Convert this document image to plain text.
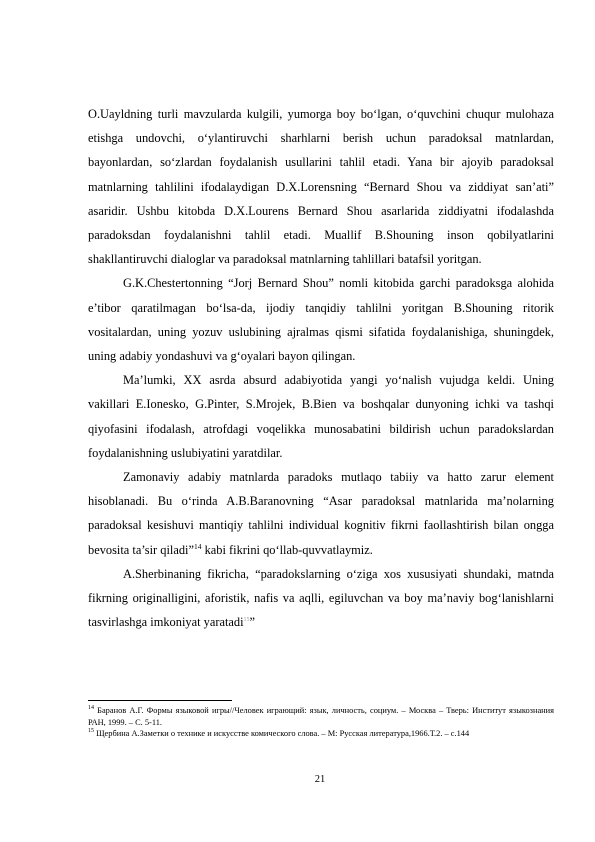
O.Uayldning turli mavzularda kulgili, yumorga boy bo‘lgan, o‘quvchini chuqur mulohaza etishga undovchi, o‘ylantiruvchi sharhlarni berish uchun paradoksal matnlardan, bayonlardan, so‘zlardan foydalanish usullarini tahlil etadi. Yana bir ajoyib paradoksal matnlarning tahlilini ifodalaydigan D.X.Lorensning “Bernard Shou va ziddiyat san’ati” asaridir. Ushbu kitobda D.X.Lourens Bernard Shou asarlarida ziddiyatni ifodalashda paradoksdan foydalanishni tahlil etadi. Muallif B.Shouning inson qobilyatlarini shakllantiruvchi dialoglar va paradoksal matnlarning tahlillari batafsil yoritgan.

G.K.Chestertonning “Jorj Bernard Shou” nomli kitobida garchi paradoksga alohida e’tibor qaratilmagan bo‘lsa-da, ijodiy tanqidiy tahlilni yoritgan B.Shouning ritorik vositalardan, uning yozuv uslubining ajralmas qismi sifatida foydalanishiga, shuningdek, uning adabiy yondashuvi va g‘oyalari bayon qilingan.

Ma’lumki, XX asrda absurd adabiyotida yangi yo‘nalish vujudga keldi. Uning vakillari E.Ionesko, G.Pinter, S.Mrojek, B.Bien va boshqalar dunyoning ichki va tashqi qiyofasini ifodalash, atrofdagi voqelikka munosabatini bildirish uchun paradokslardan foydalanishning uslubiyatini yaratdilar.

Zamonaviy adabiy matnlarda paradoks mutlaqo tabiiy va hatto zarur element hisoblanadi. Bu o‘rinda A.B.Baranovning “Asar paradoksal matnlarida ma’nolarning paradoksal kesishuvi mantiqiy tahlilni individual kognitiv fikrni faollashtirish bilan ongga bevosita ta’sir qiladi”$^{14}$ kabi fikrini qo‘llab-quvvatlaymiz.

A.Sherbinaning fikricha, “paradokslarning o‘ziga xos xususiyati shundaki, matnda fikrning originalligini, aforistik, nafis va aqlli, egiluvchan va boy ma’naviy bog‘lanishlarni tasvirlashga imkoniyat yaratadi$^{15}$”

$^{14}$ Баранов А.Г. Формы языковой игры//Человек играющий: язык, личность, социум. – Москва – Тверь: Институт языкознания РАН, 1999. – С. 5-11.

$^{15}$ Щербина А.Заметки о технике и искусстве комического слова. – М: Русская литература,1966.Т.2. – с.144

21
